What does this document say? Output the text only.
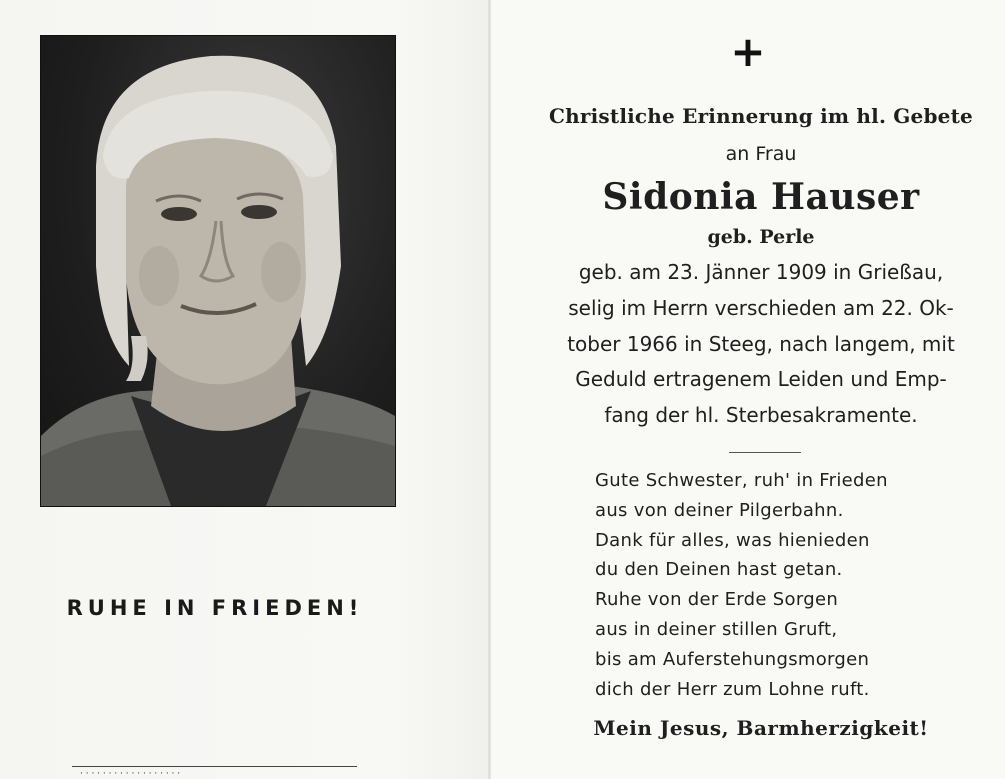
RUHE IN FRIEDEN!
· · · · · · · · · · · · · · · · · ·
+
Christliche Erinnerung im hl. Gebete
an Frau
Sidonia Hauser
geb. Perle
geb. am 23. Jänner 1909 in Grießau,
selig im Herrn verschieden am 22. Ok-
tober 1966 in Steeg, nach langem, mit
Geduld ertragenem Leiden und Emp-
fang der hl. Sterbesakramente.
Gute Schwester, ruh' in Frieden
aus von deiner Pilgerbahn.
Dank für alles, was hienieden
du den Deinen hast getan.
Ruhe von der Erde Sorgen
aus in deiner stillen Gruft,
bis am Auferstehungsmorgen
dich der Herr zum Lohne ruft.
Mein Jesus, Barmherzigkeit!
